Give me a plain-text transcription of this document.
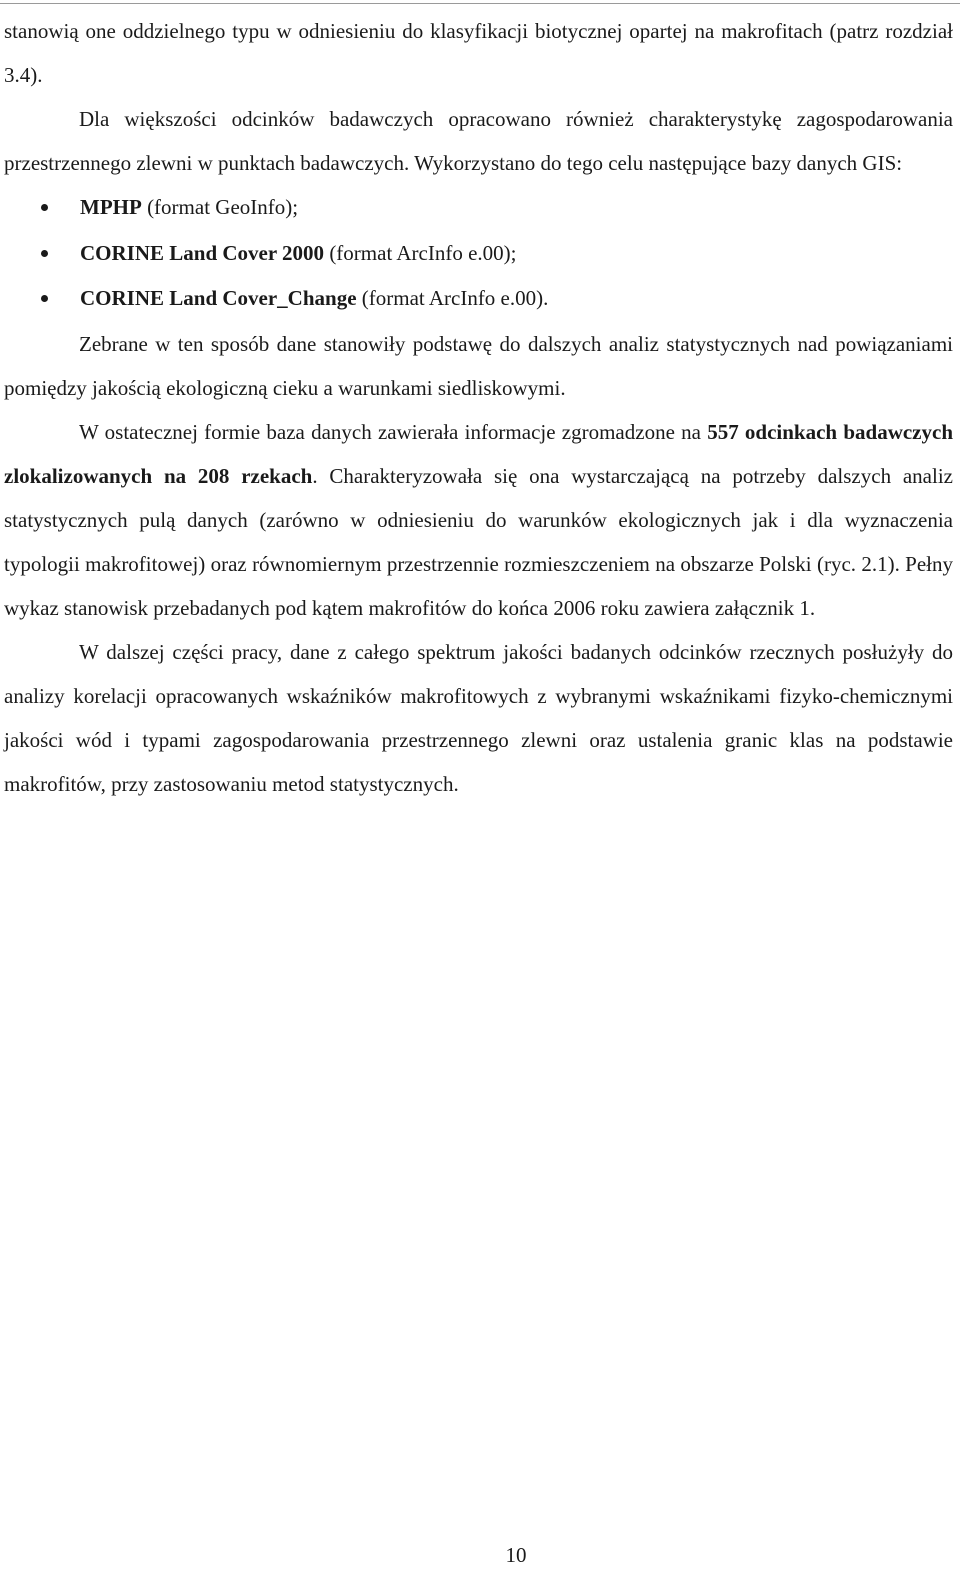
stanowią one oddzielnego typu w odniesieniu do klasyfikacji biotycznej opartej na makrofitach (patrz rozdział 3.4).

Dla większości odcinków badawczych opracowano również charakterystykę zagospodarowania przestrzennego zlewni w punktach badawczych. Wykorzystano do tego celu następujące bazy danych GIS:

MPHP (format GeoInfo);
CORINE Land Cover 2000 (format ArcInfo e.00);
CORINE Land Cover_Change (format ArcInfo e.00).

Zebrane w ten sposób dane stanowiły podstawę do dalszych analiz statystycznych nad powiązaniami pomiędzy jakością ekologiczną cieku a warunkami siedliskowymi.

W ostatecznej formie baza danych zawierała informacje zgromadzone na 557 odcinkach badawczych zlokalizowanych na 208 rzekach. Charakteryzowała się ona wystarczającą na potrzeby dalszych analiz statystycznych pulą danych (zarówno w odniesieniu do warunków ekologicznych jak i dla wyznaczenia typologii makrofitowej) oraz równomiernym przestrzennie rozmieszczeniem na obszarze Polski (ryc. 2.1). Pełny wykaz stanowisk przebadanych pod kątem makrofitów do końca 2006 roku zawiera załącznik 1.

W dalszej części pracy, dane z całego spektrum jakości badanych odcinków rzecznych posłużyły do analizy korelacji opracowanych wskaźników makrofitowych z wybranymi wskaźnikami fizyko-chemicznymi jakości wód i typami zagospodarowania przestrzennego zlewni oraz ustalenia granic klas na podstawie makrofitów, przy zastosowaniu metod statystycznych.

10
